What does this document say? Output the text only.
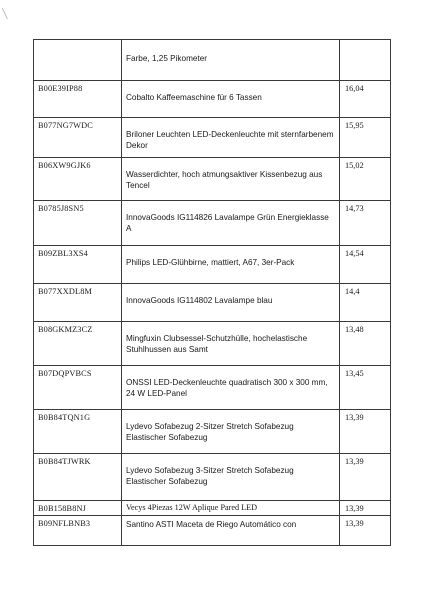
	Farbe, 1,25 Pikometer	

B00E39IP88	Cobalto Kaffeemaschine für 6 Tassen	16,04

B077NG7WDC	Briloner Leuchten LED-Deckenleuchte mit sternfarbenem Dekor	15,95

B06XW9GJK6	Wasserdichter, hoch atmungsaktiver Kissenbezug aus Tencel	15,02

B0785J8SN5	InnovaGoods IG114826 Lavalampe Grün Energieklasse A	14,73

B09ZBL3XS4	Philips LED-Glühbirne, mattiert, A67, 3er-Pack	14,54

B077XXDL8M	InnovaGoods IG114802 Lavalampe blau	14,4

B08GKMZ3CZ	Mingfuxin Clubsessel-Schutzhülle, hochelastische Stuhlhussen aus Samt	13,48

B07DQPVBCS	ONSSI LED-Deckenleuchte quadratisch 300 x 300 mm, 24 W LED-Panel	13,45

B0B84TQN1G	Lydevo Sofabezug 2-Sitzer Stretch Sofabezug Elastischer Sofabezug	13,39

B0B84TJWRK	Lydevo Sofabezug 3-Sitzer Stretch Sofabezug Elastischer Sofabezug	13,39

B0B158B8NJ	Vecys 4Piezas 12W Aplique Pared LED	13,39

B09NFLBNB3	Santino ASTI Maceta de Riego Automático con	13,39
